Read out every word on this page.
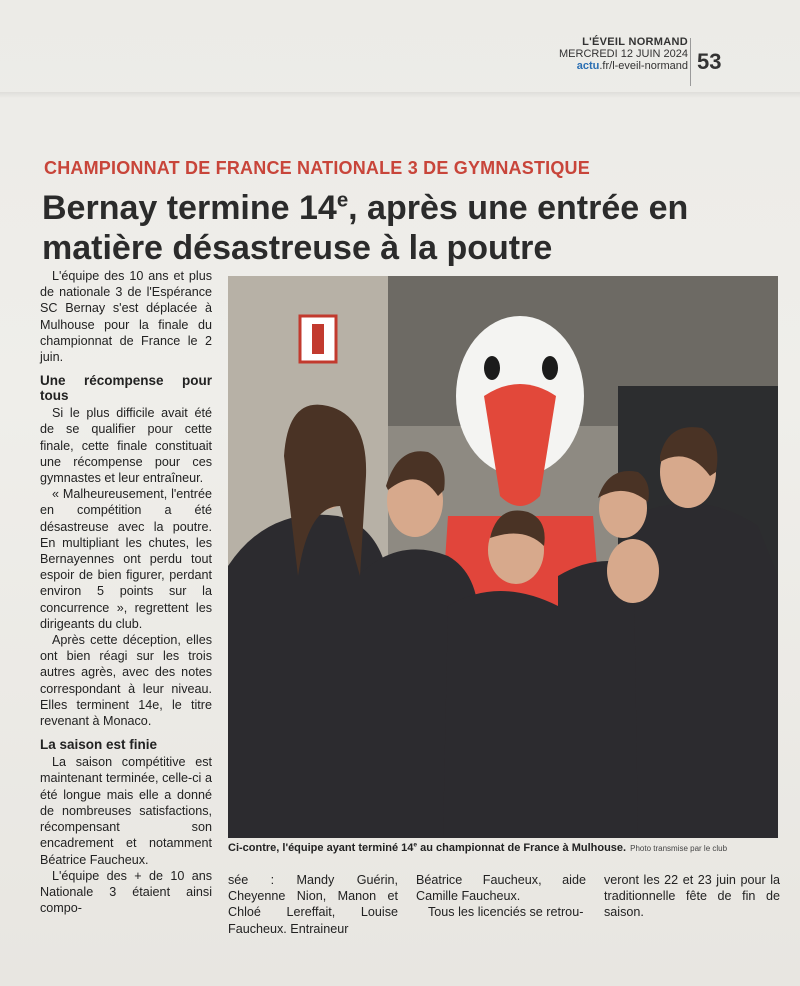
L'ÉVEIL NORMAND
MERCREDI 12 JUIN 2024
actu.fr/l-eveil-normand 53
CHAMPIONNAT DE FRANCE NATIONALE 3 DE GYMNASTIQUE
Bernay termine 14e, après une entrée en matière désastreuse à la poutre

L'équipe des 10 ans et plus de nationale 3 de l'Espérance SC Bernay s'est déplacée à Mulhouse pour la finale du championnat de France le 2 juin.

Une récompense pour tous

Si le plus difficile avait été de se qualifier pour cette finale, cette finale constituait une récompense pour ces gymnastes et leur entraîneur.

« Malheureusement, l'entrée en compétition a été désastreuse avec la poutre. En multipliant les chutes, les Bernayennes ont perdu tout espoir de bien figurer, perdant environ 5 points sur la concurrence », regrettent les dirigeants du club.

Après cette déception, elles ont bien réagi sur les trois autres agrès, avec des notes correspondant à leur niveau. Elles terminent 14e, le titre revenant à Monaco.

La saison est finie

La saison compétitive est maintenant terminée, celle-ci a été longue mais elle a donné de nombreuses satisfactions, récompensant son encadrement et notamment Béatrice Faucheux.

L'équipe des + de 10 ans Nationale 3 étaient ainsi compo-

Ci-contre, l'équipe ayant terminé 14e au championnat de France à Mulhouse. Photo transmise par le club

sée : Mandy Guérin, Cheyenne Nion, Manon et Chloé Lereffait, Louise Faucheux. Entraineur

Béatrice Faucheux, aide Camille Faucheux.

Tous les licenciés se retrou-

veront les 22 et 23 juin pour la traditionnelle fête de fin de saison.
